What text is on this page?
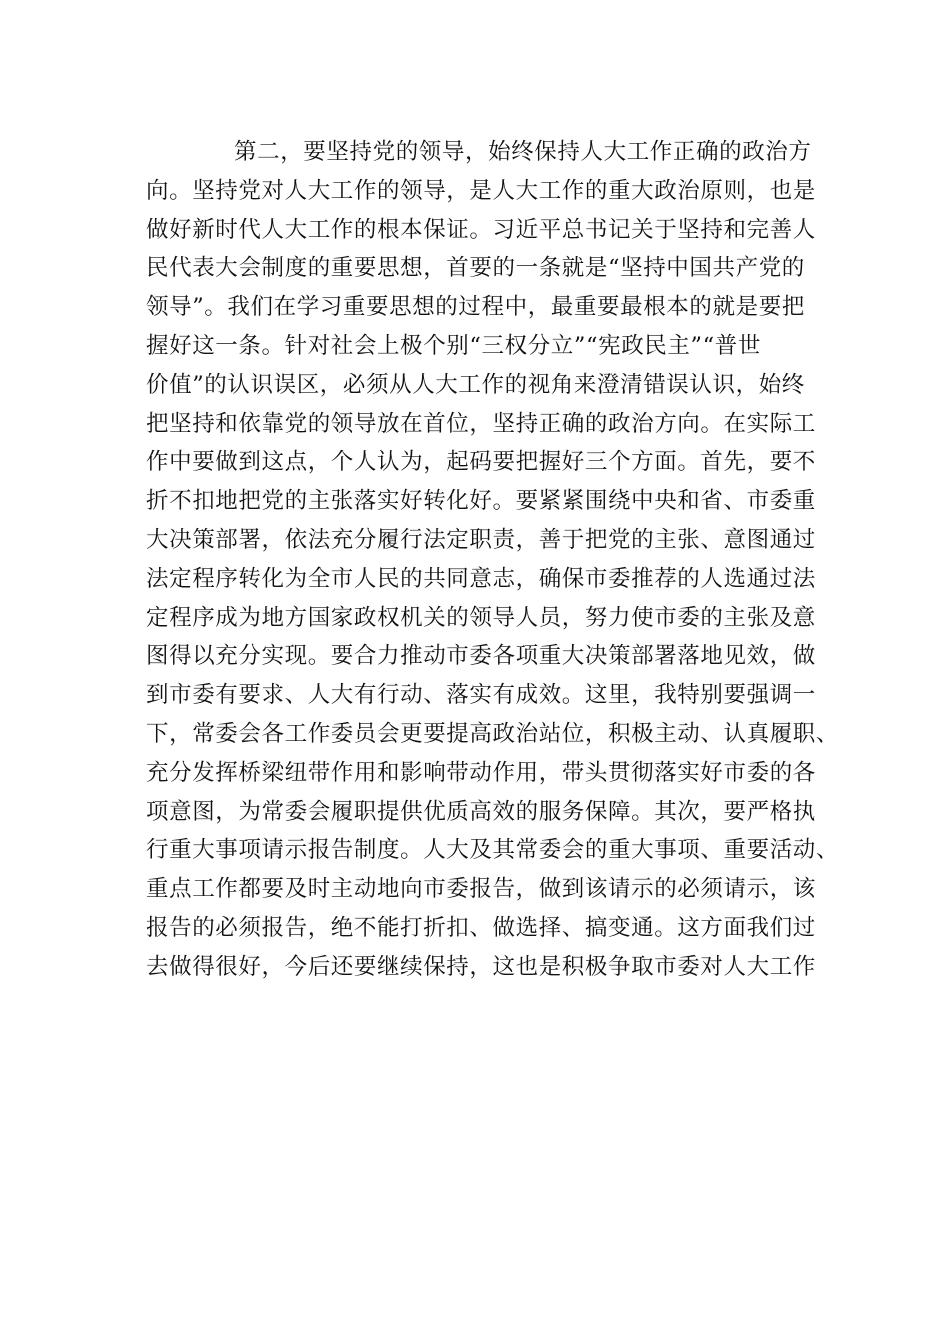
第二，要坚持党的领导，始终保持人大工作正确的政治方
向。坚持党对人大工作的领导，是人大工作的重大政治原则，也是
做好新时代人大工作的根本保证。习近平总书记关于坚持和完善人
民代表大会制度的重要思想，首要的一条就是“坚持中国共产党的
领导”。我们在学习重要思想的过程中，最重要最根本的就是要把
握好这一条。针对社会上极个别“三权分立”“宪政民主”“普世
价值”的认识误区，必须从人大工作的视角来澄清错误认识，始终
把坚持和依靠党的领导放在首位，坚持正确的政治方向。在实际工
作中要做到这点，个人认为，起码要把握好三个方面。首先，要不
折不扣地把党的主张落实好转化好。要紧紧围绕中央和省、市委重
大决策部署，依法充分履行法定职责，善于把党的主张、意图通过
法定程序转化为全市人民的共同意志，确保市委推荐的人选通过法
定程序成为地方国家政权机关的领导人员，努力使市委的主张及意
图得以充分实现。要合力推动市委各项重大决策部署落地见效，做
到市委有要求、人大有行动、落实有成效。这里，我特别要强调一
下，常委会各工作委员会更要提高政治站位，积极主动、认真履职、
充分发挥桥梁纽带作用和影响带动作用，带头贯彻落实好市委的各
项意图，为常委会履职提供优质高效的服务保障。其次，要严格执
行重大事项请示报告制度。人大及其常委会的重大事项、重要活动、
重点工作都要及时主动地向市委报告，做到该请示的必须请示，该
报告的必须报告，绝不能打折扣、做选择、搞变通。这方面我们过
去做得很好，今后还要继续保持，这也是积极争取市委对人大工作
